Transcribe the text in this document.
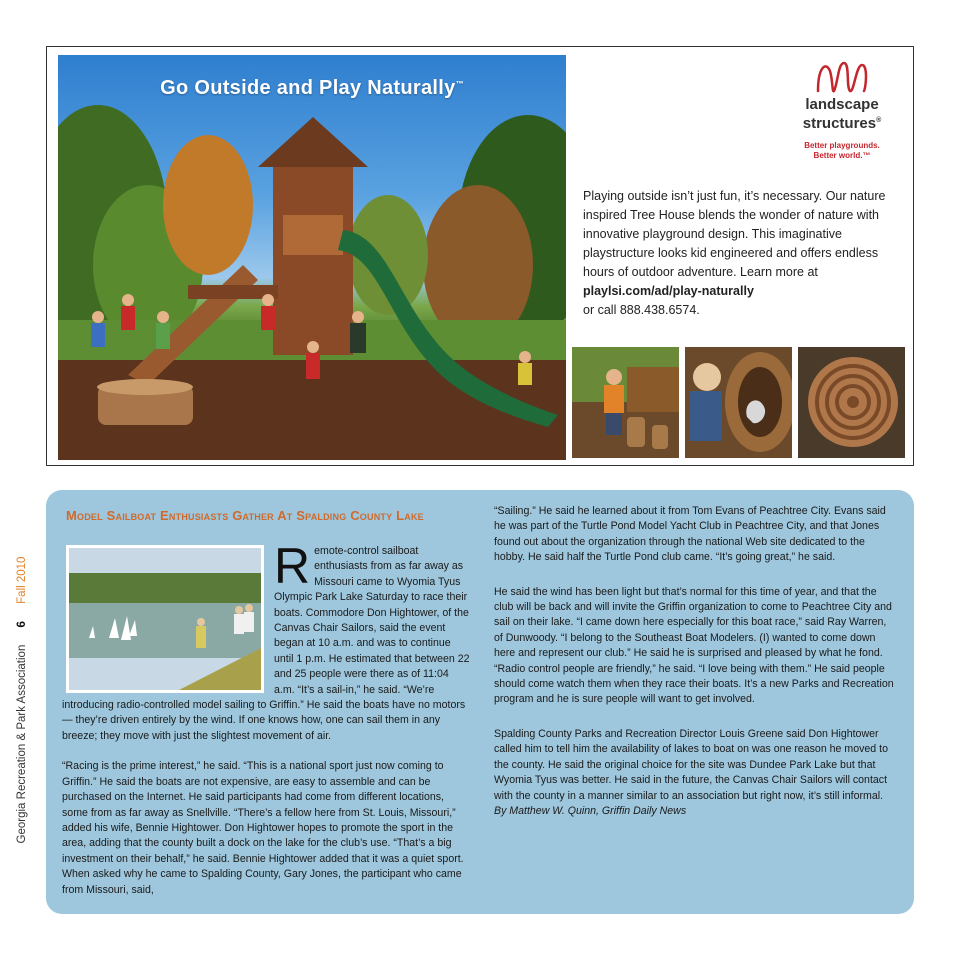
Go Outside and Play Naturally™
landscape
structures®
Better playgrounds.
Better world.™
Playing outside isn’t just fun, it’s necessary. Our nature inspired Tree House blends the wonder of nature with innovative playground design. This imaginative playstructure looks kid engineered and offers endless hours of outdoor adventure. Learn more at playlsi.com/ad/play-naturally
or call 888.438.6574.
Georgia Recreation & Park Association 6 Fall 2010
Model Sailboat Enthusiasts Gather At Spalding County Lake

Remote-control sailboat enthusiasts from as far away as Missouri came to Wyomia Tyus Olympic Park Lake Saturday to race their boats. Commodore Don Hightower, of the Canvas Chair Sailors, said the event began at 10 a.m. and was to continue until 1 p.m. He estimated that between 22 and 25 people were there as of 11:04 a.m. “It’s a sail-in,” he said. “We’re introducing radio-controlled model sailing to Griffin.” He said the boats have no motors — they’re driven entirely by the wind. If one knows how, one can sail them in any breeze; they move with just the slightest movement of air.

“Racing is the prime interest,” he said. “This is a national sport just now coming to Griffin.” He said the boats are not expensive, are easy to assemble and can be purchased on the Internet. He said participants had come from different locations, some from as far away as Snellville. “There’s a fellow here from St. Louis, Missouri,” added his wife, Bennie Hightower. Don Hightower hopes to promote the sport in the area, adding that the county built a dock on the lake for the club’s use. “That’s a big investment on their behalf,” he said. Bennie Hightower added that it was a quiet sport. When asked why he came to Spalding County, Gary Jones, the participant who came from Missouri, said,

“Sailing.” He said he learned about it from Tom Evans of Peachtree City. Evans said he was part of the Turtle Pond Model Yacht Club in Peachtree City, and that Jones found out about the organization through the national Web site dedicated to the hobby. He said half the Turtle Pond club came. “It’s going great,” he said.

He said the wind has been light but that’s normal for this time of year, and that the club will be back and will invite the Griffin organization to come to Peachtree City and sail on their lake. “I came down here especially for this boat race,” said Ray Warren, of Dunwoody. “I belong to the Southeast Boat Modelers. (I) wanted to come down here and represent our club.” He said he is surprised and pleased by what he fond. “Radio control people are friendly,” he said. “I love being with them.” He said people should come watch them when they race their boats. It’s a new Parks and Recreation program and he is sure people will want to get involved.

Spalding County Parks and Recreation Director Louis Greene said Don Hightower called him to tell him the availability of lakes to boat on was one reason he moved to the county. He said the original choice for the site was Dundee Park Lake but that Wyomia Tyus was better. He said in the future, the Canvas Chair Sailors will contact with the county in a manner similar to an association but right now, it’s still informal.

By Matthew W. Quinn, Griffin Daily News
